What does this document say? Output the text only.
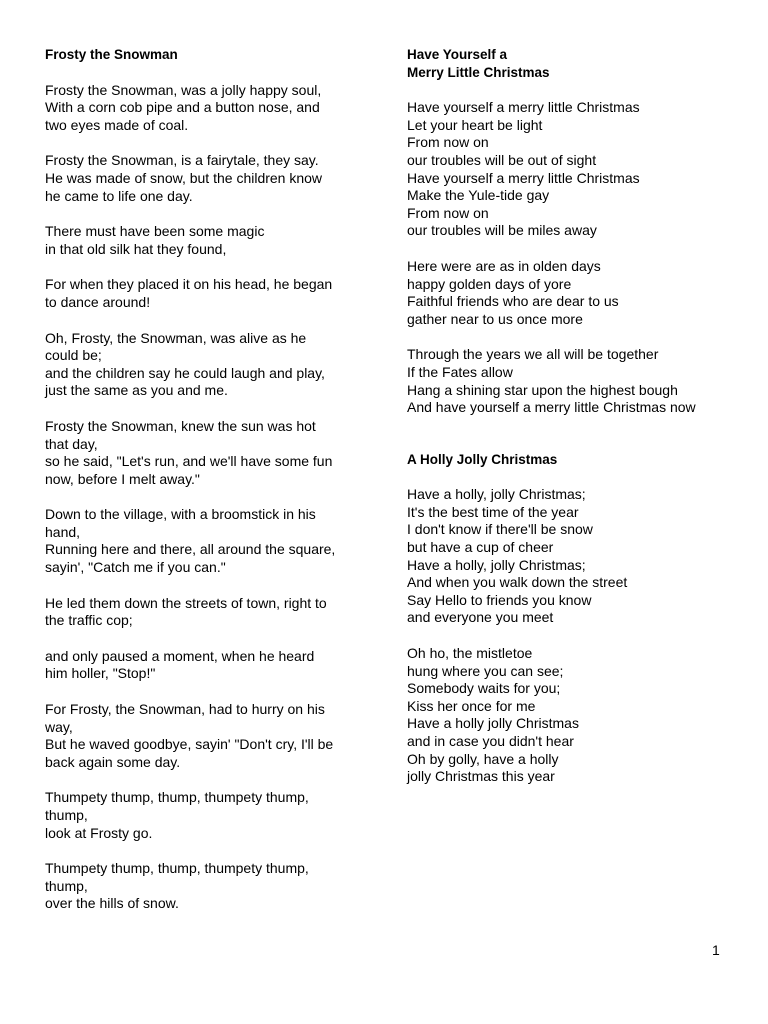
Frosty the Snowman
Frosty the Snowman, was a jolly happy soul,
With a corn cob pipe and a button nose, and
two eyes made of coal.
Frosty the Snowman, is a fairytale, they say.
He was made of snow, but the children know
he came to life one day.
There must have been some magic
in that old silk hat they found,
For when they placed it on his head, he began
to dance around!
Oh, Frosty, the Snowman, was alive as he
could be;
and the children say he could laugh and play,
just the same as you and me.
Frosty the Snowman, knew the sun was hot
that day,
so he said, "Let's run, and we'll have some fun
now, before I melt away."
Down to the village, with a broomstick in his
hand,
Running here and there, all around the square,
sayin', "Catch me if you can."
He led them down the streets of town, right to
the traffic cop;
and only paused a moment, when he heard
him holler, "Stop!"
For Frosty, the Snowman, had to hurry on his
way,
But he waved goodbye, sayin' "Don't cry, I'll be
back again some day.
Thumpety thump, thump, thumpety thump,
thump,
look at Frosty go.
Thumpety thump, thump, thumpety thump,
thump,
over the hills of snow.
Have Yourself a
Merry Little Christmas
Have yourself a merry little Christmas
Let your heart be light
From now on
our troubles will be out of sight
Have yourself a merry little Christmas
Make the Yule-tide gay
From now on
our troubles will be miles away
Here were are as in olden days
happy golden days of yore
Faithful friends who are dear to us
gather near to us once more
Through the years we all will be together
If the Fates allow
Hang a shining star upon the highest bough
And have yourself a merry little Christmas now
A Holly Jolly Christmas
Have a holly, jolly Christmas;
It's the best time of the year
I don't know if there'll be snow
but have a cup of cheer
Have a holly, jolly Christmas;
And when you walk down the street
Say Hello to friends you know
and everyone you meet
Oh ho, the mistletoe
hung where you can see;
Somebody waits for you;
Kiss her once for me
Have a holly jolly Christmas
and in case you didn't hear
Oh by golly, have a holly
jolly Christmas this year
1
